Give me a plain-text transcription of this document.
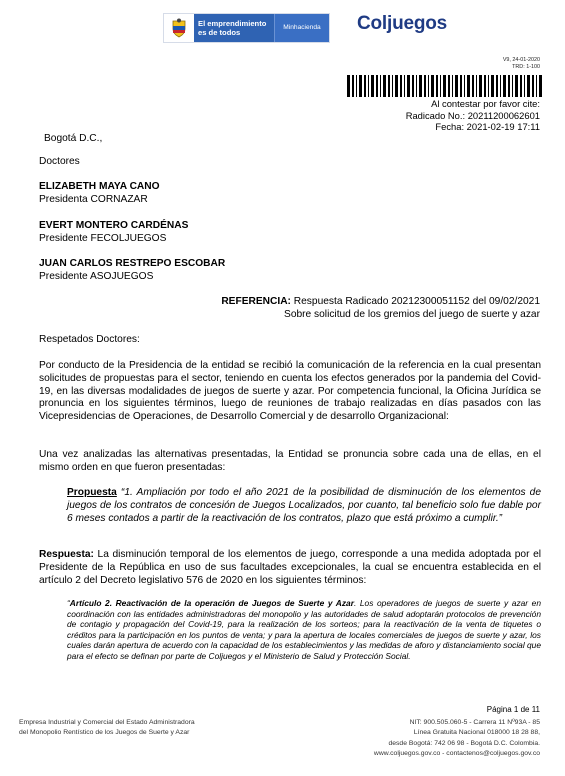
El emprendimiento
es de todos
Minhacienda	Coljuegos
V9, 24-01-2020
TRD: 1-100
Al contestar por favor cite:
Radicado No.: 20211200062601
Fecha: 2021-02-19 17:11
Bogotá D.C.,
Doctores
ELIZABETH MAYA CANO
Presidenta CORNAZAR
EVERT MONTERO CARDÉNAS
Presidente FECOLJUEGOS
JUAN CARLOS RESTREPO ESCOBAR
Presidente ASOJUEGOS
REFERENCIA: Respuesta Radicado 20212300051152 del 09/02/2021
Sobre solicitud de los gremios del juego de suerte y azar
Respetados Doctores:
Por conducto de la Presidencia de la entidad se recibió la comunicación de la referencia en la cual presentan solicitudes de propuestas para el sector, teniendo en cuenta los efectos generados por la pandemia del Covid-19, en las diversas modalidades de juegos de suerte y azar. Por competencia funcional, la Oficina Jurídica se pronuncia en los siguientes términos, luego de reuniones de trabajo realizadas en días pasados con las Vicepresidencias de Operaciones, de Desarrollo Comercial y de desarrollo Organizacional:
Una vez analizadas las alternativas presentadas, la Entidad se pronuncia sobre cada una de ellas, en el mismo orden en que fueron presentadas:
Propuesta “1. Ampliación por todo el año 2021 de la posibilidad de disminución de los elementos de juegos de los contratos de concesión de Juegos Localizados, por cuanto, tal beneficio solo fue dable por 6 meses contados a partir de la reactivación de los contratos, plazo que está próximo a cumplir.”
Respuesta: La disminución temporal de los elementos de juego, corresponde a una medida adoptada por el Presidente de la República en uso de sus facultades excepcionales, la cual se encuentra establecida en el artículo 2 del Decreto legislativo 576 de 2020 en los siguientes términos:
“Artículo 2. Reactivación de la operación de Juegos de Suerte y Azar. Los operadores de juegos de suerte y azar en coordinación con las entidades administradoras del monopolio y las autoridades de salud adoptarán protocolos de prevención de contagio y propagación del Covid-19, para la realización de los sorteos; para la reactivación de la venta de tiquetes o créditos para la participación en los puntos de venta; y para la apertura de locales comerciales de juegos de suerte y azar, los cuales darán apertura de acuerdo con la capacidad de los establecimientos y las medidas de aforo y distanciamiento social que para el efecto se definan por parte de Coljuegos y el Ministerio de Salud y Protección Social.
Página 1 de 11
Empresa Industrial y Comercial del Estado Administradora
del Monopolio Rentístico de los Juegos de Suerte y Azar
NIT: 900.505.060-5 - Carrera 11 Nº93A - 85
Línea Gratuita Nacional 018000 18 28 88,
desde Bogotá: 742 06 98 - Bogotá D.C. Colombia.
www.coljuegos.gov.co - contactenos@coljuegos.gov.co
